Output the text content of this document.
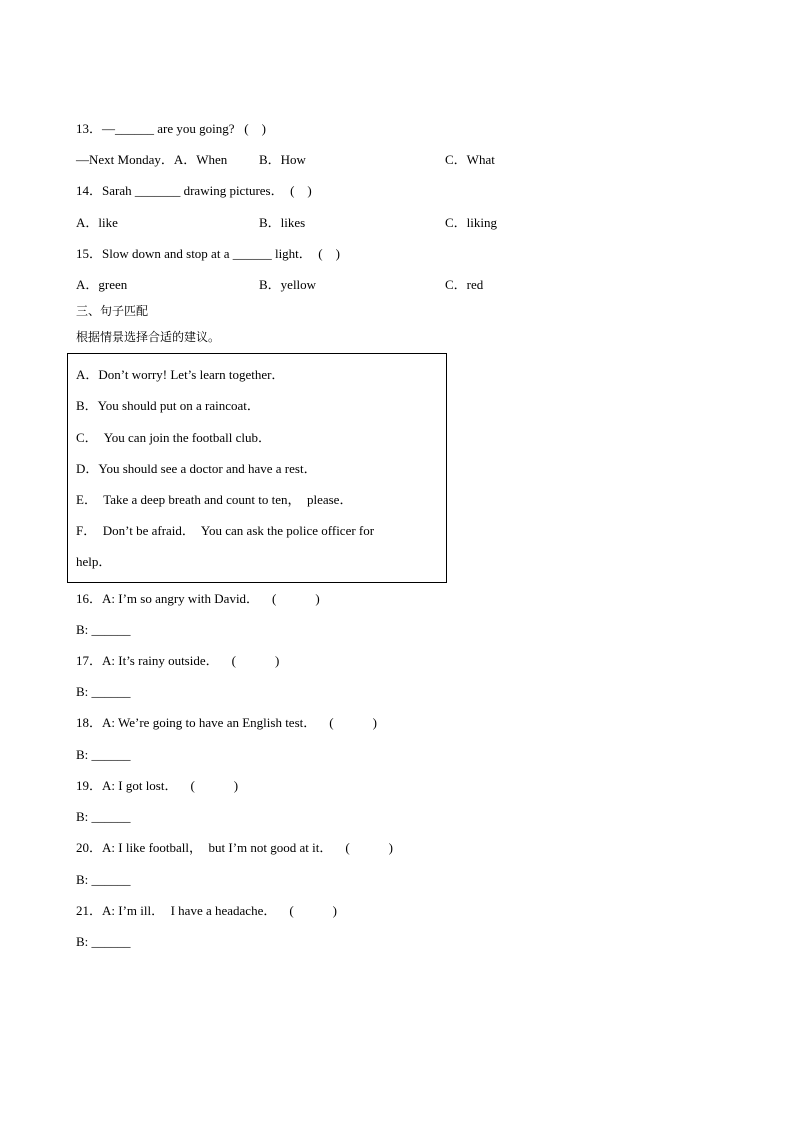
13．—______ are you going?   (    )
—Next Monday．A．When B．How	C．What
14．Sarah _______ drawing pictures．  (    )
A．like	B．likes	C．liking
15．Slow down and stop at a ______ light．  (    )
A．green	B．yellow	C．red
三、句子匹配
根据情景选择合适的建议。
A．Don’t worry! Let’s learn together．
B．You should put on a raincoat．
C．  You can join the football club．
D．You should see a doctor and have a rest．
E．  Take a deep breath and count to ten，  please．
F．  Don’t be afraid．  You can ask the police officer for
help．
16．A: I’m so angry with David．    (            )
B: ______
17．A: It’s rainy outside．    (            )
B: ______
18．A: We’re going to have an English test．    (            )
B: ______
19．A: I got lost．    (            )
B: ______
20．A: I like football，  but I’m not good at it．    (            )
B: ______
21．A: I’m ill．  I have a headache．    (            )
B: ______
